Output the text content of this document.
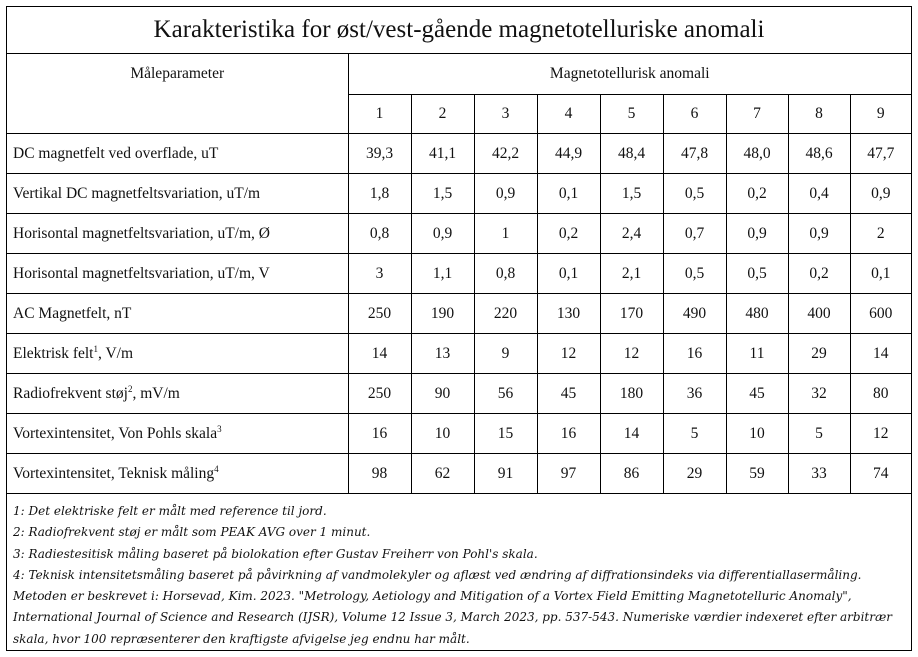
Karakteristika for øst/vest-gående magnetotelluriske anomali
Måleparameter	Magnetotellurisk anomali								
	1	2	3	4	5	6	7	8	9
DC magnetfelt ved overflade, uT	39,3	41,1	42,2	44,9	48,4	47,8	48,0	48,6	47,7
Vertikal DC magnetfeltsvariation, uT/m	1,8	1,5	0,9	0,1	1,5	0,5	0,2	0,4	0,9
Horisontal magnetfeltsvariation, uT/m, Ø	0,8	0,9	1	0,2	2,4	0,7	0,9	0,9	2
Horisontal magnetfeltsvariation, uT/m, V	3	1,1	0,8	0,1	2,1	0,5	0,5	0,2	0,1
AC Magnetfelt, nT	250	190	220	130	170	490	480	400	600
Elektrisk felt$^1$, V/m	14	13	9	12	12	16	11	29	14
Radiofrekvent støj$^2$, mV/m	250	90	56	45	180	36	45	32	80
Vortexintensitet, Von Pohls skala$^3$	16	10	15	16	14	5	10	5	12
Vortexintensitet, Teknisk måling$^4$	98	62	91	97	86	29	59	33	74
1: Det elektriske felt er målt med reference til jord.
2: Radiofrekvent støj er målt som PEAK AVG over 1 minut.
3: Radiestesitisk måling baseret på biolokation efter Gustav Freiherr von Pohl's skala.
4: Teknisk intensitetsmåling baseret på påvirkning af vandmolekyler og aflæst ved ændring af diffrationsindeks via differentiallasermåling. Metoden er beskrevet i: Horsevad, Kim. 2023. "Metrology, Aetiology and Mitigation of a Vortex Field Emitting Magnetotelluric Anomaly", International Journal of Science and Research (IJSR), Volume 12 Issue 3, March 2023, pp. 537-543. Numeriske værdier indexeret efter arbitrær skala, hvor 100 repræsenterer den kraftigste afvigelse jeg endnu har målt.
